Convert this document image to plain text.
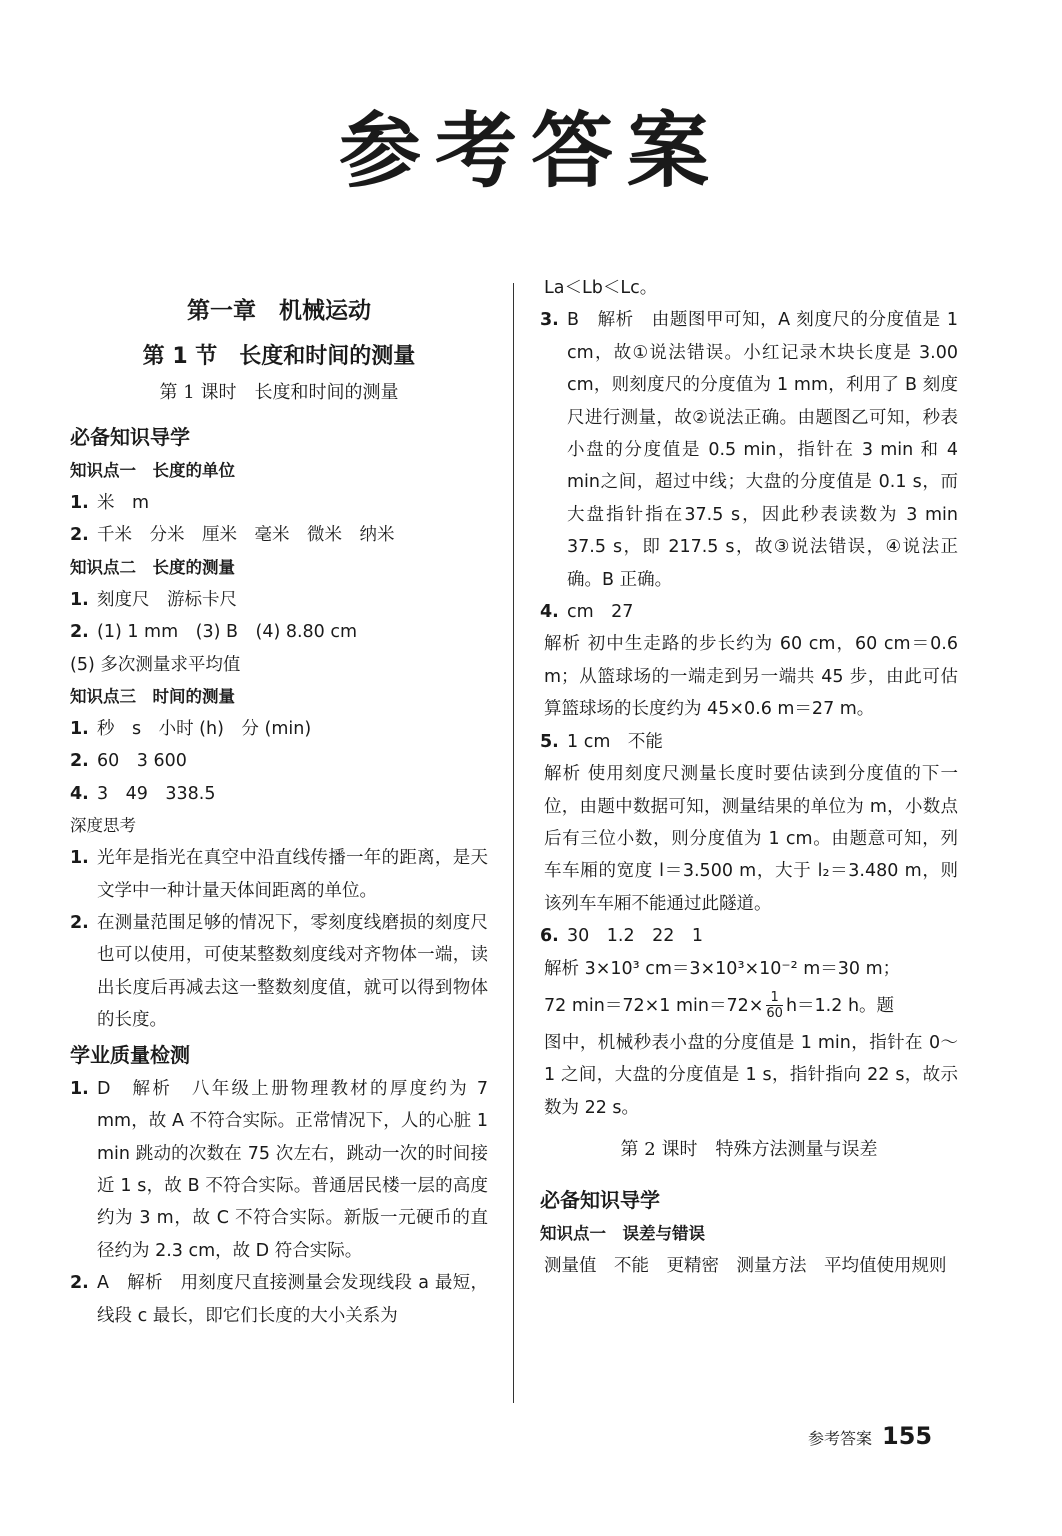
参考答案
第一章　机械运动
第 1 节　长度和时间的测量
第 1 课时　长度和时间的测量
必备知识导学
知识点一　长度的单位
1. 米　m
2. 千米　分米　厘米　毫米　微米　纳米
知识点二　长度的测量
1. 刻度尺　游标卡尺
2. (1) 1 mm　(3) B　(4) 8.80 cm
(5) 多次测量求平均值
知识点三　时间的测量
1. 秒　s　小时 (h)　分 (min)
2. 60　3 600
4. 3　49　338.5
深度思考
1. 光年是指光在真空中沿直线传播一年的距离，是天文学中一种计量天体间距离的单位。
2. 在测量范围足够的情况下，零刻度线磨损的刻度尺也可以使用，可使某整数刻度线对齐物体一端，读出长度后再减去这一整数刻度值，就可以得到物体的长度。
学业质量检测
1. D　解析　八年级上册物理教材的厚度约为 7 mm，故 A 不符合实际。正常情况下，人的心脏 1 min 跳动的次数在 75 次左右，跳动一次的时间接近 1 s，故 B 不符合实际。普通居民楼一层的高度约为 3 m，故 C 不符合实际。新版一元硬币的直径约为 2.3 cm，故 D 符合实际。
2. A　解析　用刻度尺直接测量会发现线段 a 最短，线段 c 最长，即它们长度的大小关系为
La＜Lb＜Lc。
3. B　解析　由题图甲可知，A 刻度尺的分度值是 1 cm，故①说法错误。小红记录木块长度是 3.00 cm，则刻度尺的分度值为 1 mm，利用了 B 刻度尺进行测量，故②说法正确。由题图乙可知，秒表小盘的分度值是 0.5 min，指针在 3 min 和 4 min之间，超过中线；大盘的分度值是 0.1 s，而大盘指针指在37.5 s，因此秒表读数为 3 min 37.5 s，即 217.5 s，故③说法错误，④说法正确。B 正确。
4. cm　27
解析 初中生走路的步长约为 60 cm，60 cm＝0.6 m；从篮球场的一端走到另一端共 45 步，由此可估算篮球场的长度约为 45×0.6 m＝27 m。
5. 1 cm　不能
解析 使用刻度尺测量长度时要估读到分度值的下一位，由题中数据可知，测量结果的单位为 m，小数点后有三位小数，则分度值为 1 cm。由题意可知，列车车厢的宽度 l＝3.500 m，大于 l₂＝3.480 m，则该列车车厢不能通过此隧道。
6. 30　1.2　22　1
解析 3×10³ cm＝3×10³×10⁻² m＝30 m；
72 min＝72×1 $\min=72\times \frac{1}{60} h=1.2$ h。题
图中，机械秒表小盘的分度值是 1 min，指针在 0～1 之间，大盘的分度值是 1 s，指针指向 22 s，故示数为 22 s。
第 2 课时　特殊方法测量与误差
必备知识导学
知识点一　误差与错误
测量值　不能　更精密　测量方法　平均值使用规则
参考答案 155
